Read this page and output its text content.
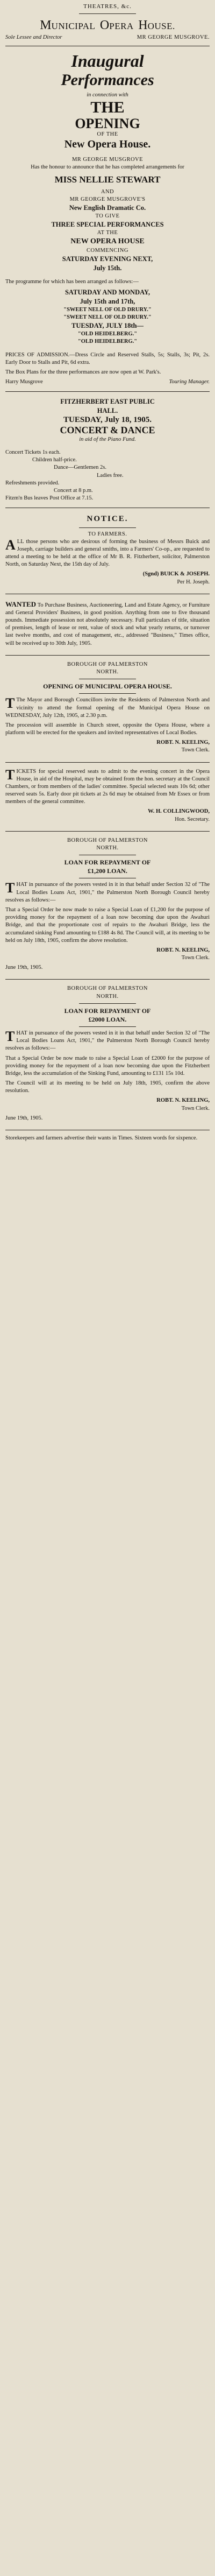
THEATRES, &c.
MUNICIPAL OPERA HOUSE.
Sole Lessee and Director	MR GEORGE MUSGROVE.
Inaugural
Performances
in connection with
THE
OPENING
OF THE
New Opera House.
MR GEORGE MUSGROVE

Has the honour to announce that he has completed arrangements for

MISS NELLIE STEWART
AND
MR GEORGE MUSGROVE'S
New English Dramatic Co.
TO GIVE
THREE SPECIAL PERFORMANCES
AT THE
NEW OPERA HOUSE
COMMENCING
SATURDAY EVENING NEXT,
July 15th.

The programme for which has been arranged as follows:—

SATURDAY AND MONDAY,
July 15th and 17th,
"SWEET NELL OF OLD DRURY."
"SWEET NELL OF OLD DRURY."
TUESDAY, JULY 18th—
"OLD HEIDELBERG."
"OLD HEIDELBERG."

PRICES OF ADMISSION.—Dress Circle and Reserved Stalls, 5s; Stalls, 3s; Pit, 2s. Early Door to Stalls and Pit, 6d extra.

The Box Plans for the three performances are now open at W. Park's.

Harry Musgrove	Touring Manager.
FITZHERBERT EAST PUBLIC
HALL.
TUESDAY, July 18, 1905.
CONCERT & DANCE
in aid of the Piano Fund.
Concert Tickets 1s each.
Children half-price.
Dance—Gentlemen 2s.
Ladies free.
Refreshments provided.
Concert at 8 p.m.
Fitzm'n Bus leaves Post Office at 7.15.
NOTICE.
TO FARMERS.

ALL those persons who are desirous of forming the business of Messrs Buick and Joseph, carriage builders and general smiths, into a Farmers' Co-op., are requested to attend a meeting to be held at the office of Mr B. R. Fitzherbert, solicitor, Palmerston North, on Saturday Next, the 15th day of July.

(Sgnd) BUICK & JOSEPH.

Per H. Joseph.

WANTED To Purchase Business, Auctioneering, Land and Estate Agency, or Furniture and General Providers' Business, in good position. Anything from one to five thousand pounds. Immediate possession not absolutely necessary. Full particulars of title, situation of premises, length of lease or rent, value of stock and what yearly returns, or turnover last twelve months, and cost of management, etc., addressed "Business," Times office, will be received up to 30th July, 1905.

BOROUGH OF PALMERSTON
NORTH.
OPENING OF MUNICIPAL OPERA HOUSE.

T The Mayor and Borough Councillors invite the Residents of Palmerston North and vicinity to attend the formal opening of the Municipal Opera House on WEDNESDAY, July 12th, 1905, at 2.30 p.m.

The procession will assemble in Church street, opposite the Opera House, where a platform will be erected for the speakers and invited representatives of Local Bodies.

ROBT. N. KEELING,

Town Clerk.

TICKETS for special reserved seats to admit to the evening concert in the Opera House, in aid of the Hospital, may be obtained from the hon. secretary at the Council Chambers, or from members of the ladies' committee. Special selected seats 10s 6d; other reserved seats 5s. Early door pit tickets at 2s 6d may be obtained from Mr Essex or from members of the general committee.

W. H. COLLINGWOOD,

Hon. Secretary.

BOROUGH OF PALMERSTON
NORTH.
LOAN FOR REPAYMENT OF
£1,200 LOAN.

THAT in pursuance of the powers vested in it in that behalf under Section 32 of "The Local Bodies Loans Act, 1901," the Palmerston North Borough Council hereby resolves as follows:—

That a Special Order be now made to raise a Special Loan of £1,200 for the purpose of providing money for the repayment of a loan now becoming due upon the Awahuri Bridge, and that the proportionate cost of repairs to the Awahuri Bridge, less the accumulated sinking Fund amounting to £188 4s 8d. The Council will, at its meeting to be held on July 18th, 1905, confirm the above resolution.

ROBT. N. KEELING,

Town Clerk.

June 19th, 1905.

BOROUGH OF PALMERSTON
NORTH.
LOAN FOR REPAYMENT OF
£2000 LOAN.

THAT in pursuance of the powers vested in it in that behalf under Section 32 of "The Local Bodies Loans Act, 1901," the Palmerston North Borough Council hereby resolves as follows:—

That a Special Order be now made to raise a Special Loan of £2000 for the purpose of providing money for the repayment of a loan now becoming due upon the Fitzherbert Bridge, less the accumulation of the Sinking Fund, amounting to £131 15s 10d.

The Council will at its meeting to be held on July 18th, 1905, confirm the above resolution.

ROBT. N. KEELING,

Town Clerk.

June 19th, 1905.

Storekeepers and farmers advertise their wants in Times. Sixteen words for sixpence.
